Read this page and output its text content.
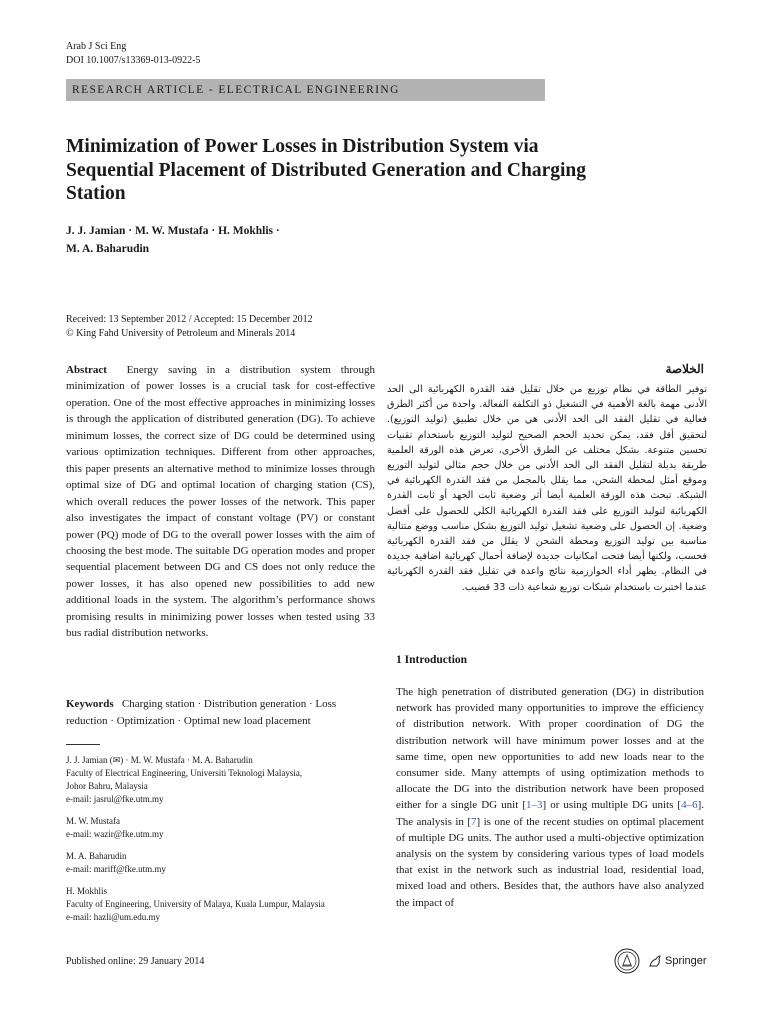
Arab J Sci Eng
DOI 10.1007/s13369-013-0922-5
RESEARCH ARTICLE - ELECTRICAL ENGINEERING
Minimization of Power Losses in Distribution System via Sequential Placement of Distributed Generation and Charging Station
J. J. Jamian · M. W. Mustafa · H. Mokhlis ·
M. A. Baharudin
Received: 13 September 2012 / Accepted: 15 December 2012
© King Fahd University of Petroleum and Minerals 2014
Abstract Energy saving in a distribution system through minimization of power losses is a crucial task for cost-effective operation. One of the most effective approaches in minimizing losses is through the application of distributed generation (DG). To achieve minimum losses, the correct size of DG could be determined using various optimization techniques. Different from other approaches, this paper presents an alternative method to minimize losses through optimal size of DG and optimal location of charging station (CS), which overall reduces the power losses of the network. This paper also investigates the impact of constant voltage (PV) or constant power (PQ) mode of DG to the overall power losses with the aim of choosing the best mode. The suitable DG operation modes and proper sequential placement between DG and CS does not only reduce the power losses, it has also opened new possibilities to add new additional loads in the system. The algorithm’s performance shows promising results in minimizing power losses when tested using 33 bus radial distribution networks.
Keywords Charging station · Distribution generation · Loss reduction · Optimization · Optimal new load placement
J. J. Jamian (✉) · M. W. Mustafa · M. A. Baharudin
Faculty of Electrical Engineering, Universiti Teknologi Malaysia,
Johor Bahru, Malaysia
e-mail: jasrul@fke.utm.my
M. W. Mustafa
e-mail: wazir@fke.utm.my
M. A. Baharudin
e-mail: mariff@fke.utm.my
H. Mokhlis
Faculty of Engineering, University of Malaya, Kuala Lumpur, Malaysia
e-mail: hazli@um.edu.my
Published online: 29 January 2014
الخلاصة
توفير الطاقة في نظام توزيع من خلال تقليل فقد القدرة الكهربائية الى الحد الأدنى مهمة بالغة الأهمية في التشغيل ذو التكلفة الفعالة. واحدة من أكثر الطرق فعالية في تقليل الفقد الى الحد الأدنى هي من خلال تطبيق (توليد التوزيع). لتحقيق أقل فقد، يمكن تحديد الحجم الصحيح لتوليد التوزيع باستخدام تقنيات تحسين متنوعة. بشكل مختلف عن الطرق الأخرى، تعرض هذه الورقة العلمية طريقة بديلة لتقليل الفقد الى الحد الأدنى من خلال حجم مثالي لتوليد التوزيع وموقع أمثل لمحطة الشحن، مما يقلل بالمجمل من فقد القدرة الكهربائية في الشبكة. تبحث هذه الورقة العلمية أيضا أثر وضعية ثابت الجهد أو ثابت القدرة الكهربائية لتوليد التوزيع على فقد القدرة الكهربائية الكلي للحصول على أفضل وضعية. إن الحصول على وضعية تشغيل توليد التوزيع بشكل مناسب ووضع متتالية مناسبة بين توليد التوزيع ومحطة الشحن لا يقلل من فقد القدرة الكهربائية فحسب، ولكنها أيضا فتحت امكانيات جديدة لإضافة أحمال كهربائية اضافية جديدة في النظام. يظهر أداء الخوارزمية نتائج واعدة في تقليل فقد القدرة الكهربائية عندما اختبرت باستخدام شبكات توزيع شعاعية ذات 33 قضيب.
1 Introduction
The high penetration of distributed generation (DG) in distribution network has provided many opportunities to improve the efficiency of distribution network. With proper coordination of DG the distribution network will have minimum power losses and at the same time, open new opportunities to add new loads near to the consumer side. Many attempts of using optimization methods to allocate the DG into the distribution network have been proposed either for a single DG unit [1–3] or using multiple DG units [4–6]. The analysis in [7] is one of the recent studies on optimal placement of multiple DG units. The author used a multi-objective optimization analysis on the system by considering various types of load models that exist in the network such as industrial load, residential load, mixed load and others. Besides that, the authors have also analyzed the impact of
Springer
